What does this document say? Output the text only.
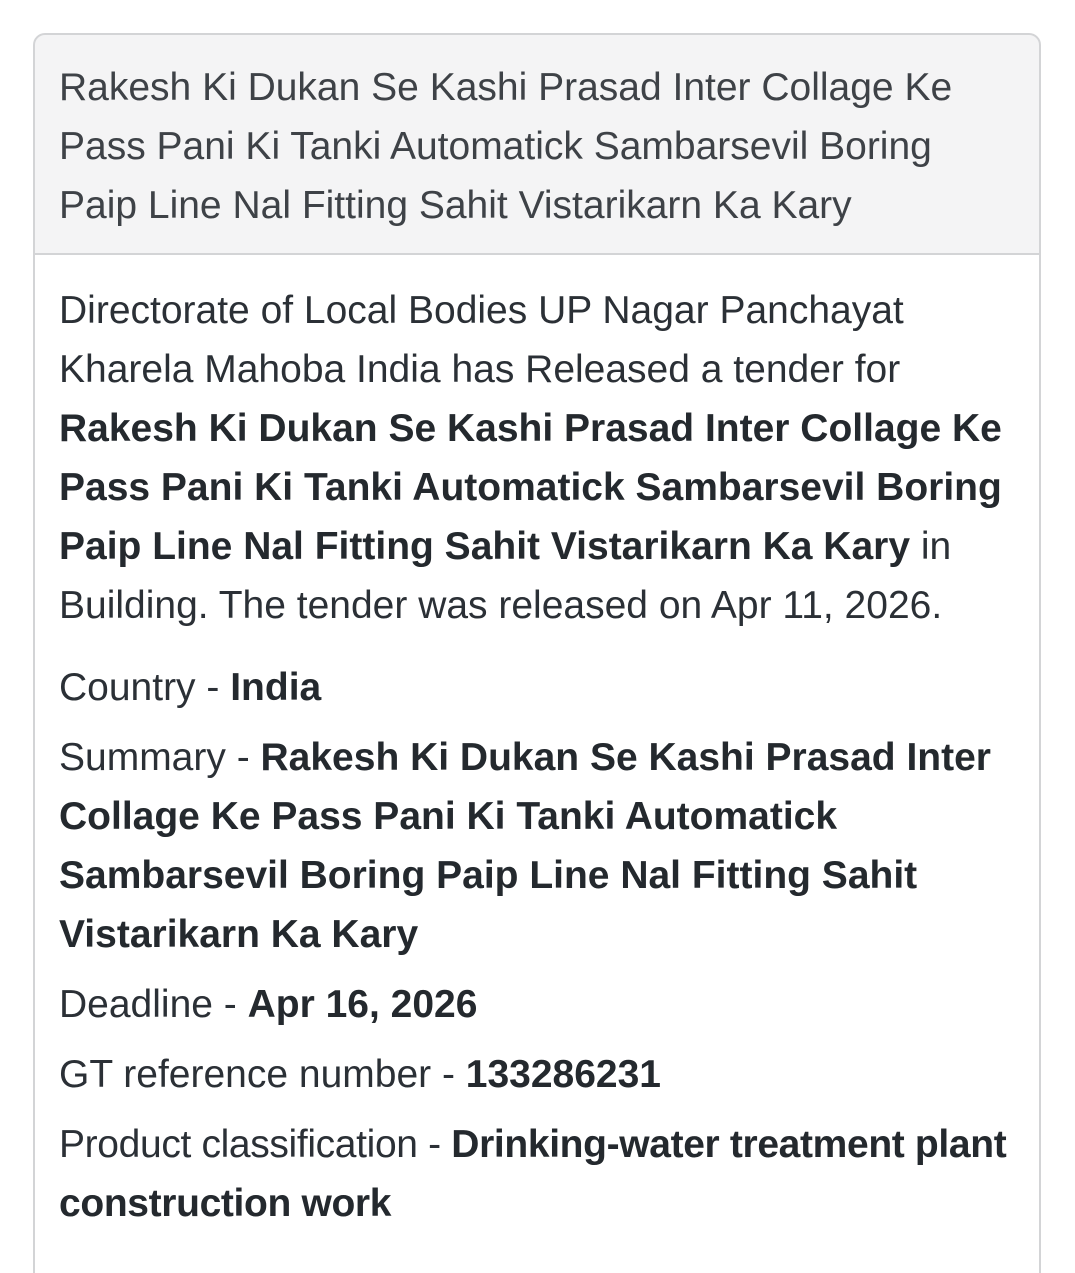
Rakesh Ki Dukan Se Kashi Prasad Inter Collage Ke Pass Pani Ki Tanki Automatick Sambarsevil Boring Paip Line Nal Fitting Sahit Vistarikarn Ka Kary

Directorate of Local Bodies UP Nagar Panchayat Kharela Mahoba India has Released a tender for Rakesh Ki Dukan Se Kashi Prasad Inter Collage Ke Pass Pani Ki Tanki Automatick Sambarsevil Boring Paip Line Nal Fitting Sahit Vistarikarn Ka Kary in Building. The tender was released on Apr 11, 2026.

Country - India

Summary - Rakesh Ki Dukan Se Kashi Prasad Inter Collage Ke Pass Pani Ki Tanki Automatick Sambarsevil Boring Paip Line Nal Fitting Sahit Vistarikarn Ka Kary

Deadline - Apr 16, 2026

GT reference number - 133286231

Product classification - Drinking-water treatment plant construction work
